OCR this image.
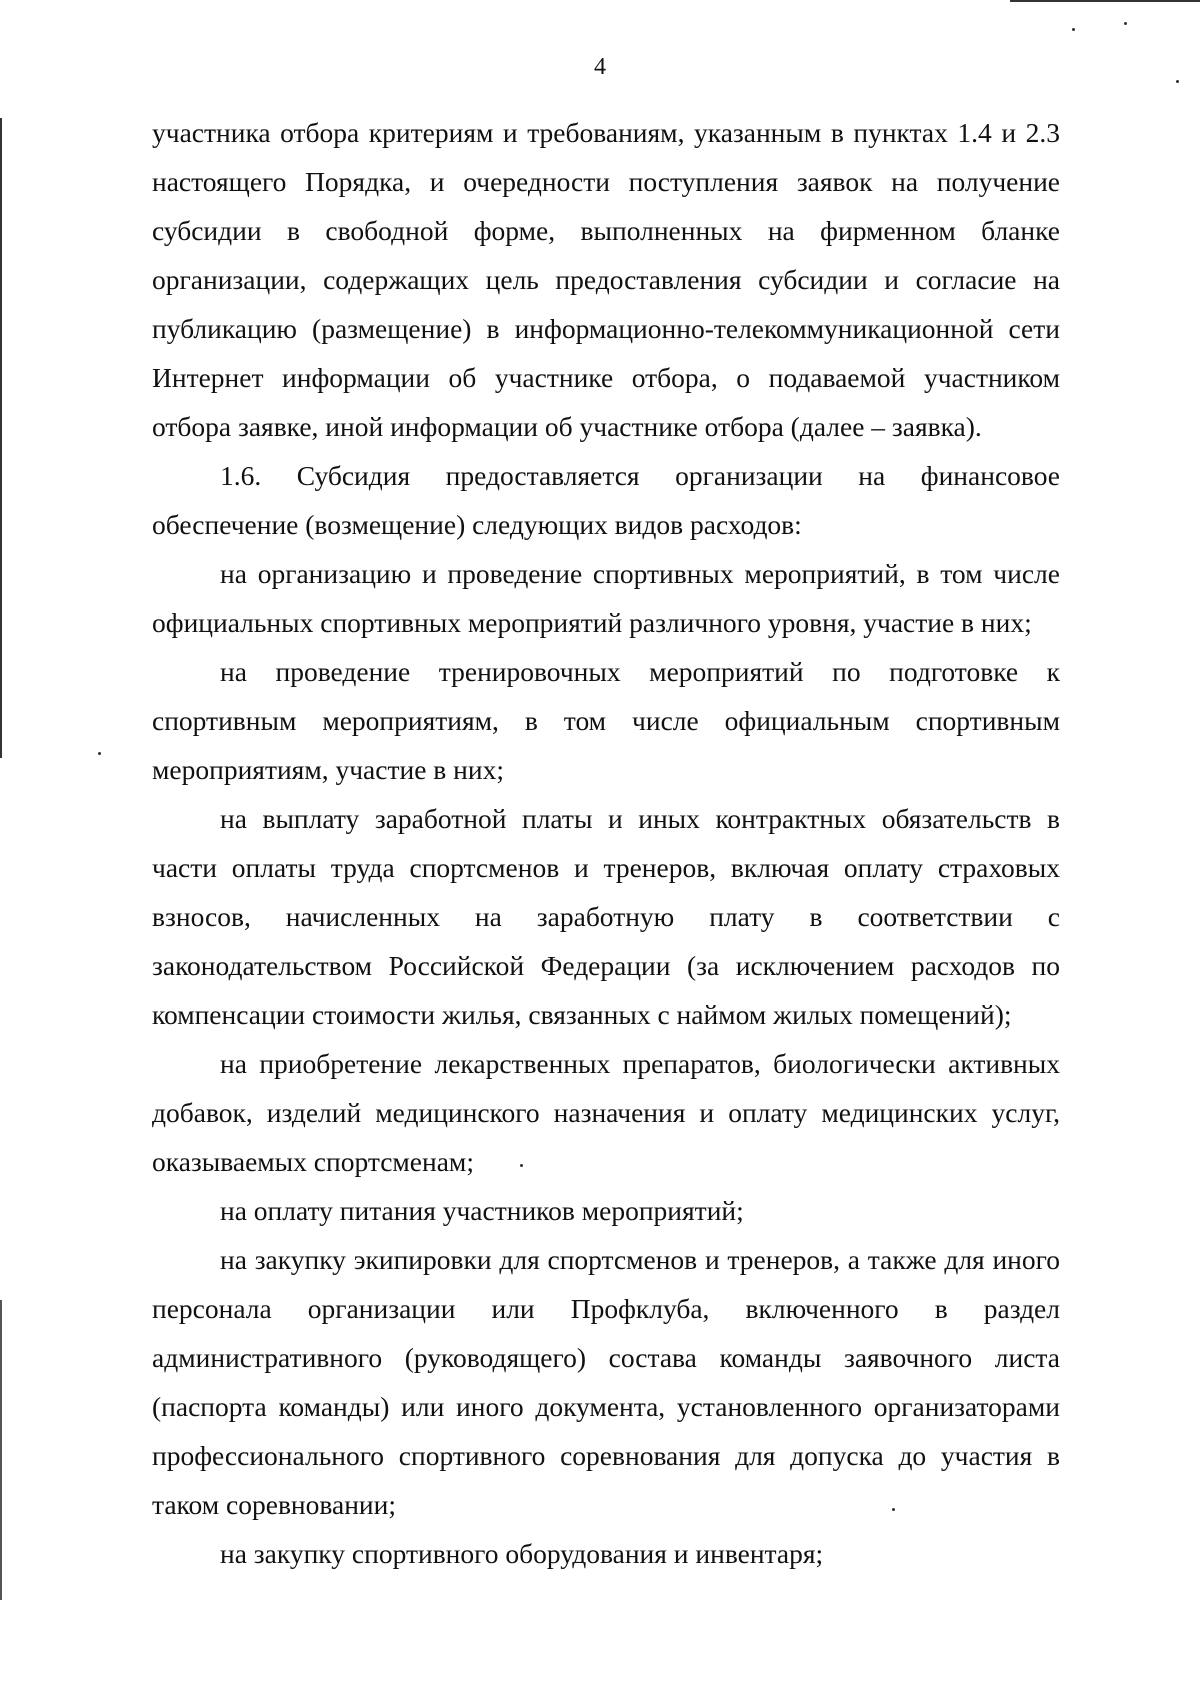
4

участника отбора критериям и требованиям, указанным в пунктах 1.4 и 2.3 настоящего Порядка, и очередности поступления заявок на получение субсидии в свободной форме, выполненных на фирменном бланке организации, содержащих цель предоставления субсидии и согласие на публикацию (размещение) в информационно-телекоммуникационной сети Интернет информации об участнике отбора, о подаваемой участником отбора заявке, иной информации об участнике отбора (далее – заявка).

1.6. Субсидия предоставляется организации на финансовое обеспечение (возмещение) следующих видов расходов:

на организацию и проведение спортивных мероприятий, в том числе официальных спортивных мероприятий различного уровня, участие в них;

на проведение тренировочных мероприятий по подготовке к спортивным мероприятиям, в том числе официальным спортивным мероприятиям, участие в них;

на выплату заработной платы и иных контрактных обязательств в части оплаты труда спортсменов и тренеров, включая оплату страховых взносов, начисленных на заработную плату в соответствии с законодательством Российской Федерации (за исключением расходов по компенсации стоимости жилья, связанных с наймом жилых помещений);

на приобретение лекарственных препаратов, биологически активных добавок, изделий медицинского назначения и оплату медицинских услуг, оказываемых спортсменам;

на оплату питания участников мероприятий;

на закупку экипировки для спортсменов и тренеров, а также для иного персонала организации или Профклуба, включенного в раздел административного (руководящего) состава команды заявочного листа (паспорта команды) или иного документа, установленного организаторами профессионального спортивного соревнования для допуска до участия в таком соревновании;

на закупку спортивного оборудования и инвентаря;
